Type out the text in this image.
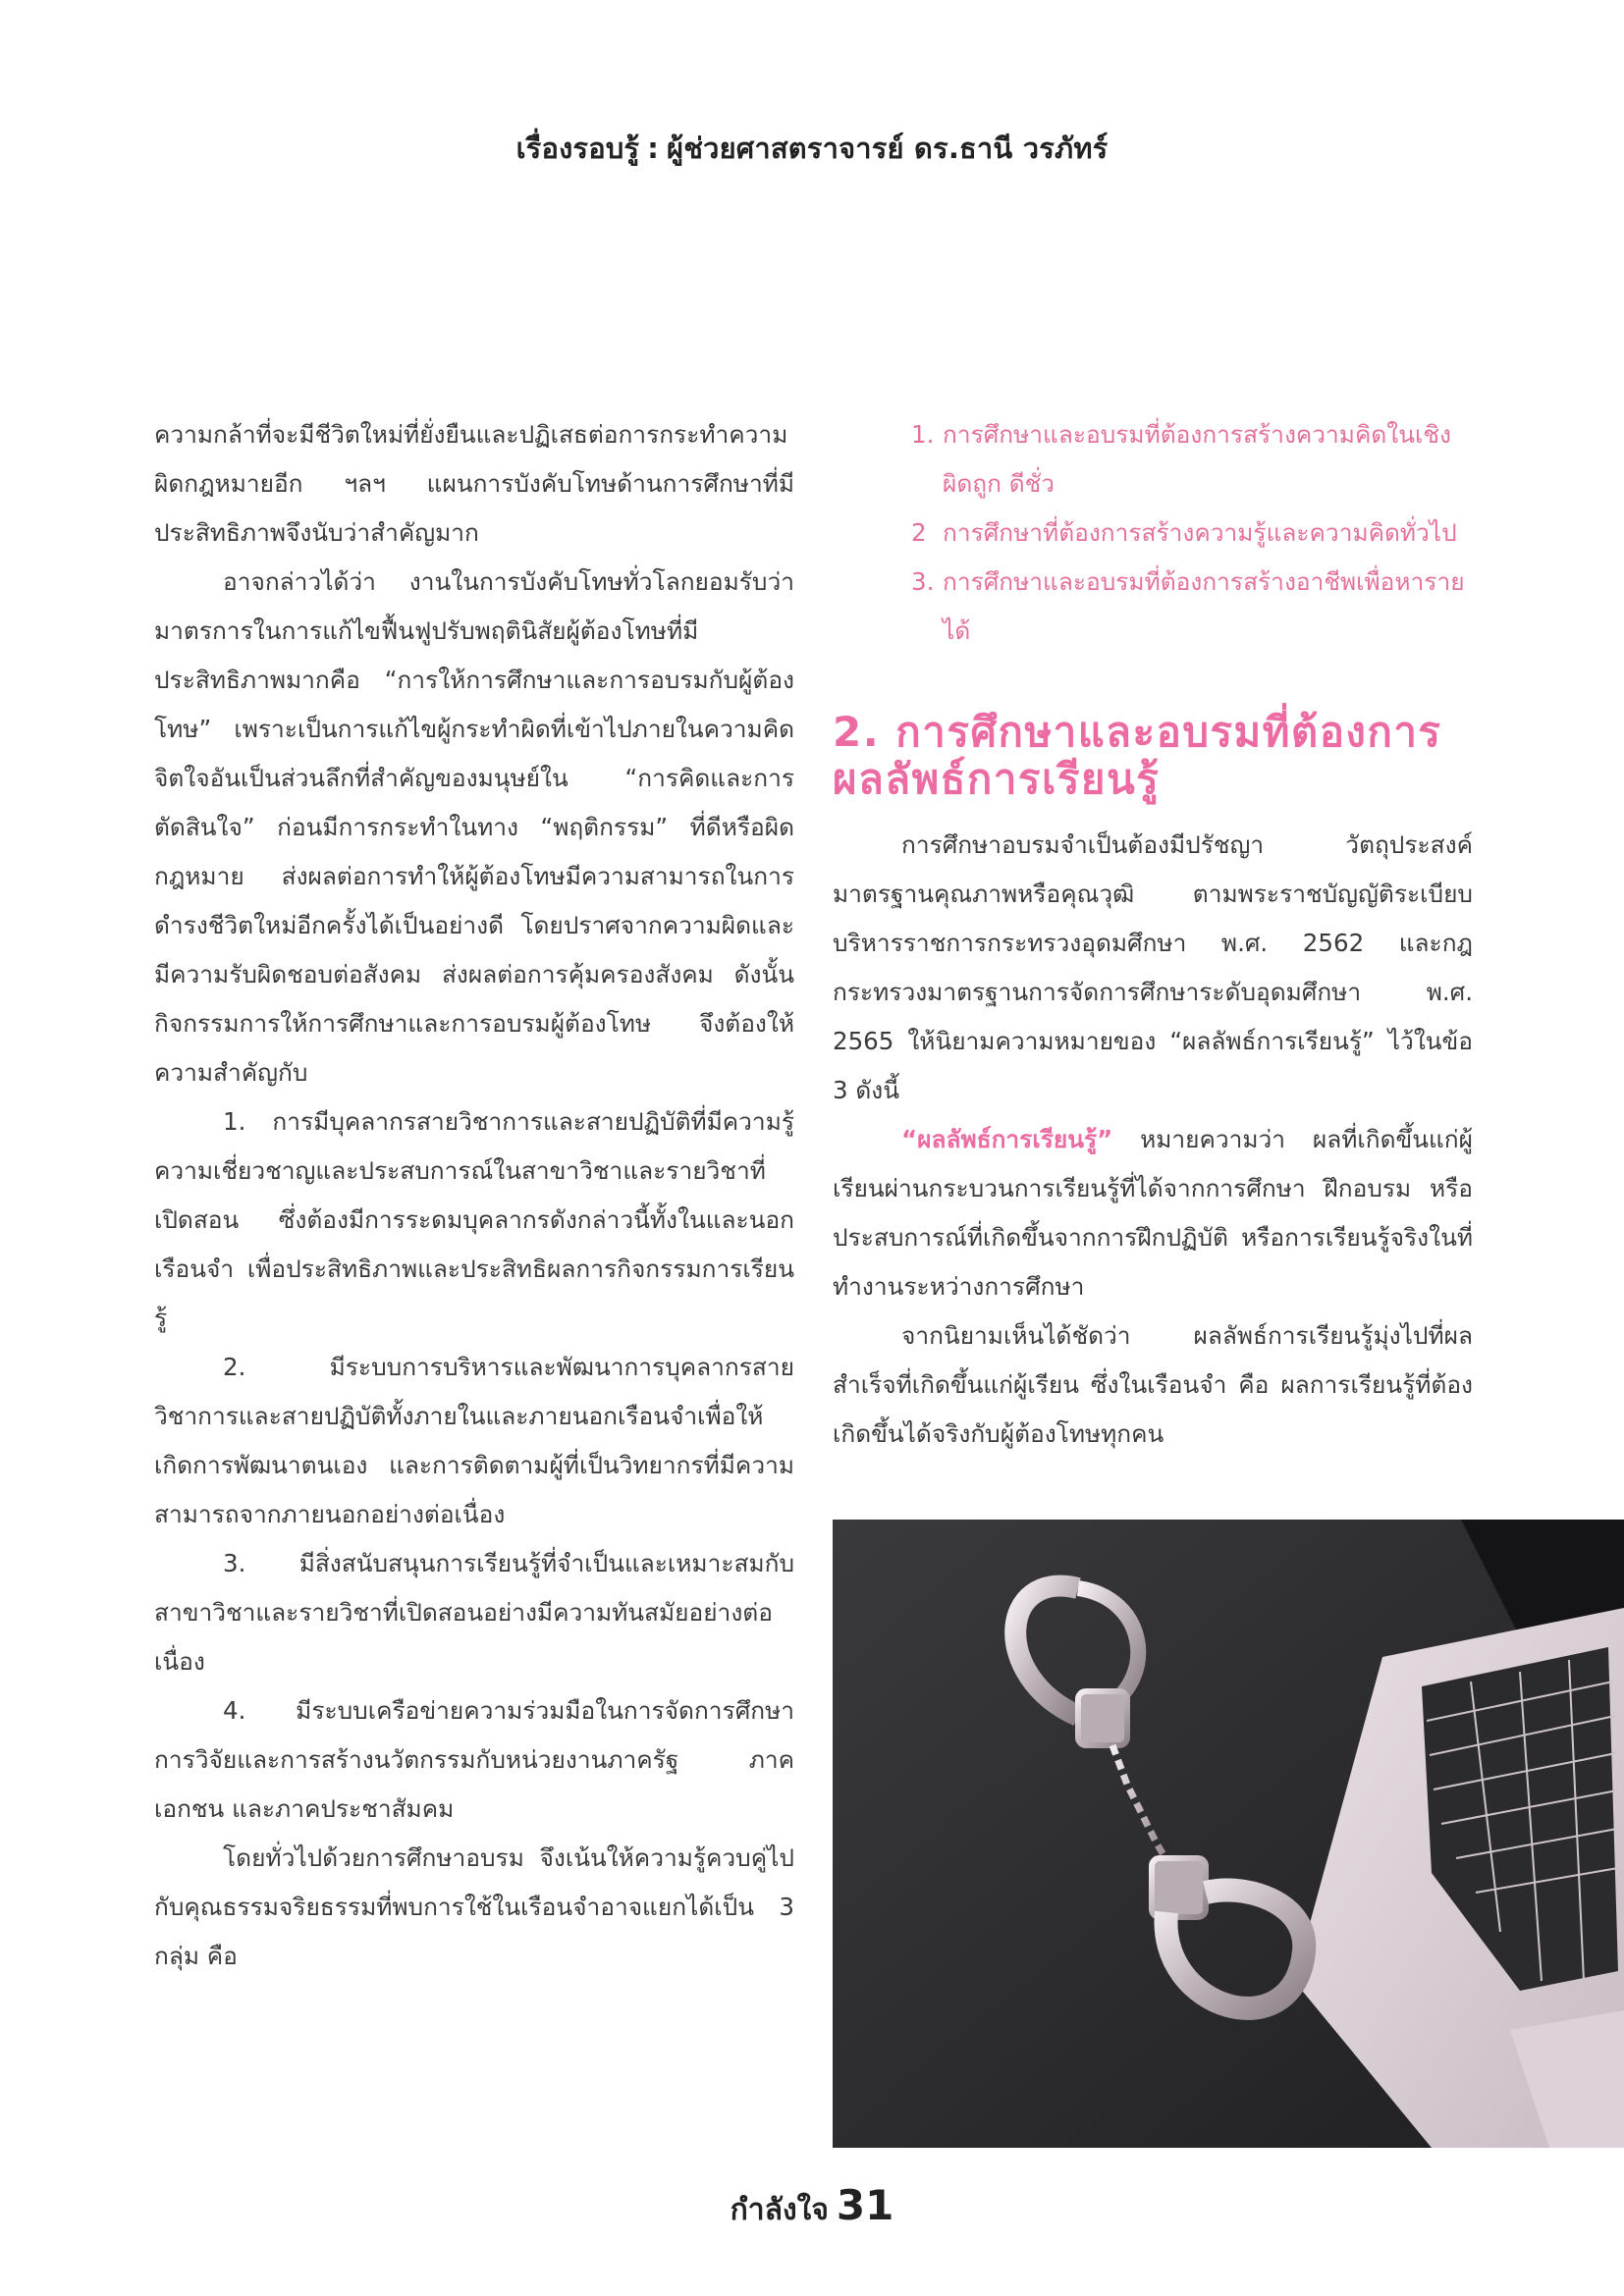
เรื่องรอบรู้ : ผู้ช่วยศาสตราจารย์ ดร.ธานี วรภัทร์

ความกล้าที่จะมีชีวิตใหม่ที่ยั่งยืนและปฏิเสธต่อการกระทำความผิดกฎหมายอีก ฯลฯ แผนการบังคับโทษด้านการศึกษาที่มีประสิทธิภาพจึงนับว่าสำคัญมาก

อาจกล่าวได้ว่า งานในการบังคับโทษทั่วโลกยอมรับว่ามาตรการในการแก้ไขฟื้นฟูปรับพฤตินิสัยผู้ต้องโทษที่มีประสิทธิภาพมากคือ “การให้การศึกษาและการอบรมกับผู้ต้องโทษ” เพราะเป็นการแก้ไขผู้กระทำผิดที่เข้าไปภายในความคิดจิตใจอันเป็นส่วนลึกที่สำคัญของมนุษย์ใน “การคิดและการตัดสินใจ” ก่อนมีการกระทำในทาง “พฤติกรรม” ที่ดีหรือผิดกฎหมาย ส่งผลต่อการทำให้ผู้ต้องโทษมีความสามารถในการดำรงชีวิตใหม่อีกครั้งได้เป็นอย่างดี โดยปราศจากความผิดและมีความรับผิดชอบต่อสังคม ส่งผลต่อการคุ้มครองสังคม ดังนั้น กิจกรรมการให้การศึกษาและการอบรมผู้ต้องโทษ จึงต้องให้ความสำคัญกับ

1. การมีบุคลากรสายวิชาการและสายปฏิบัติที่มีความรู้ความเชี่ยวชาญและประสบการณ์ในสาขาวิชาและรายวิชาที่เปิดสอน ซึ่งต้องมีการระดมบุคลากรดังกล่าวนี้ทั้งในและนอกเรือนจำ เพื่อประสิทธิภาพและประสิทธิผลการกิจกรรมการเรียนรู้

2. มีระบบการบริหารและพัฒนาการบุคลากรสายวิชาการและสายปฏิบัติทั้งภายในและภายนอกเรือนจำเพื่อให้เกิดการพัฒนาตนเอง และการติดตามผู้ที่เป็นวิทยากรที่มีความสามารถจากภายนอกอย่างต่อเนื่อง

3. มีสิ่งสนับสนุนการเรียนรู้ที่จำเป็นและเหมาะสมกับสาขาวิชาและรายวิชาที่เปิดสอนอย่างมีความทันสมัยอย่างต่อเนื่อง

4. มีระบบเครือข่ายความร่วมมือในการจัดการศึกษา การวิจัยและการสร้างนวัตกรรมกับหน่วยงานภาครัฐ ภาคเอกชน และภาคประชาสัมคม

โดยทั่วไปด้วยการศึกษาอบรม จึงเน้นให้ความรู้ควบคู่ไปกับคุณธรรมจริยธรรมที่พบการใช้ในเรือนจำอาจแยกได้เป็น 3 กลุ่ม คือ

1. การศึกษาและอบรมที่ต้องการสร้างความคิดในเชิงผิดถูก ดีชั่ว
2 การศึกษาที่ต้องการสร้างความรู้และความคิดทั่วไป
3. การศึกษาและอบรมที่ต้องการสร้างอาชีพเพื่อหารายได้
2. การศึกษาและอบรมที่ต้องการผลลัพธ์การเรียนรู้

การศึกษาอบรมจำเป็นต้องมีปรัชญา วัตถุประสงค์ มาตรฐานคุณภาพหรือคุณวุฒิ ตามพระราชบัญญัติระเบียบบริหารราชการกระทรวงอุดมศึกษา พ.ศ. 2562 และกฎกระทรวงมาตรฐานการจัดการศึกษาระดับอุดมศึกษา พ.ศ. 2565 ให้นิยามความหมายของ “ผลลัพธ์การเรียนรู้” ไว้ในข้อ 3 ดังนี้

“ผลลัพธ์การเรียนรู้” หมายความว่า ผลที่เกิดขึ้นแก่ผู้เรียนผ่านกระบวนการเรียนรู้ที่ได้จากการศึกษา ฝึกอบรม หรือประสบการณ์ที่เกิดขึ้นจากการฝึกปฏิบัติ หรือการเรียนรู้จริงในที่ทำงานระหว่างการศึกษา

จากนิยามเห็นได้ชัดว่า ผลลัพธ์การเรียนรู้มุ่งไปที่ผลสำเร็จที่เกิดขึ้นแก่ผู้เรียน ซึ่งในเรือนจำ คือ ผลการเรียนรู้ที่ต้องเกิดขึ้นได้จริงกับผู้ต้องโทษทุกคน

กำลังใจ 31
